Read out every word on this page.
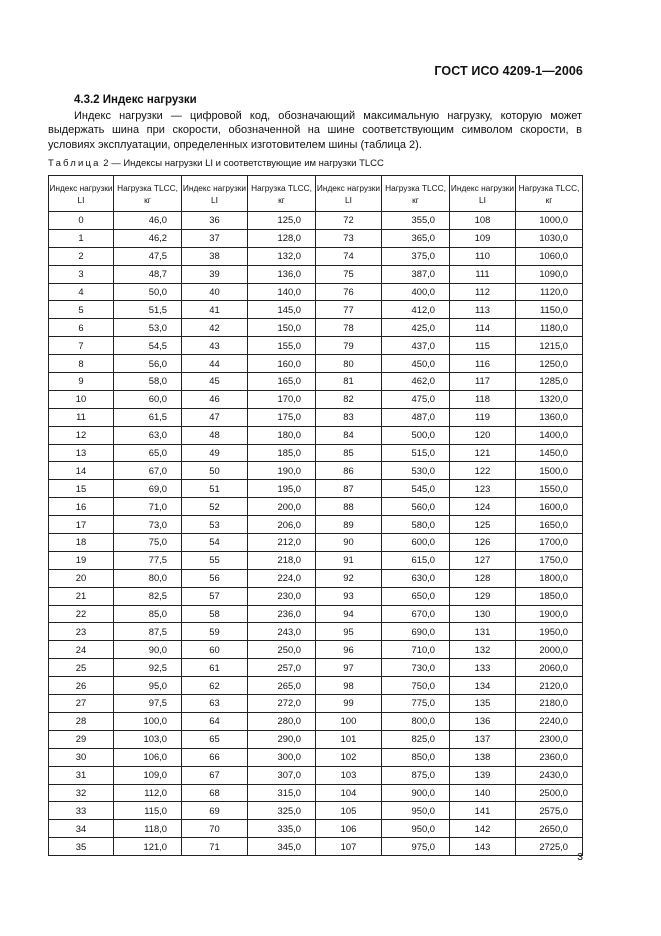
ГОСТ ИСО 4209-1—2006
4.3.2 Индекс нагрузки

Индекс нагрузки — цифровой код, обозначающий максимальную нагрузку, которую может выдержать шина при скорости, обозначенной на шине соответствующим символом скорости, в условиях эксплуатации, определенных изготовителем шины (таблица 2).

Таблица 2 — Индексы нагрузки LI и соответствующие им нагрузки TLCC
Индекс нагрузки LI	Нагрузка TLCC, кг	Индекс нагрузки LI	Нагрузка TLCC, кг	Индекс нагрузки LI	Нагрузка TLCC, кг	Индекс нагрузки LI	Нагрузка TLCC, кг
0	46,0	36	125,0	72	355,0	108	1000,0
1	46,2	37	128,0	73	365,0	109	1030,0
2	47,5	38	132,0	74	375,0	110	1060,0
3	48,7	39	136,0	75	387,0	111	1090,0
4	50,0	40	140,0	76	400,0	112	1120,0
5	51,5	41	145,0	77	412,0	113	1150,0
6	53,0	42	150,0	78	425,0	114	1180,0
7	54,5	43	155,0	79	437,0	115	1215,0
8	56,0	44	160,0	80	450,0	116	1250,0
9	58,0	45	165,0	81	462,0	117	1285,0
10	60,0	46	170,0	82	475,0	118	1320,0
11	61,5	47	175,0	83	487,0	119	1360,0
12	63,0	48	180,0	84	500,0	120	1400,0
13	65,0	49	185,0	85	515,0	121	1450,0
14	67,0	50	190,0	86	530,0	122	1500,0
15	69,0	51	195,0	87	545,0	123	1550,0
16	71,0	52	200,0	88	560,0	124	1600,0
17	73,0	53	206,0	89	580,0	125	1650,0
18	75,0	54	212,0	90	600,0	126	1700,0
19	77,5	55	218,0	91	615,0	127	1750,0
20	80,0	56	224,0	92	630,0	128	1800,0
21	82,5	57	230,0	93	650,0	129	1850,0
22	85,0	58	236,0	94	670,0	130	1900,0
23	87,5	59	243,0	95	690,0	131	1950,0
24	90,0	60	250,0	96	710,0	132	2000,0
25	92,5	61	257,0	97	730,0	133	2060,0
26	95,0	62	265,0	98	750,0	134	2120,0
27	97,5	63	272,0	99	775,0	135	2180,0
28	100,0	64	280,0	100	800,0	136	2240,0
29	103,0	65	290,0	101	825,0	137	2300,0
30	106,0	66	300,0	102	850,0	138	2360,0
31	109,0	67	307,0	103	875,0	139	2430,0
32	112,0	68	315,0	104	900,0	140	2500,0
33	115,0	69	325,0	105	950,0	141	2575,0
34	118,0	70	335,0	106	950,0	142	2650,0
35	121,0	71	345,0	107	975,0	143	2725,0
3
